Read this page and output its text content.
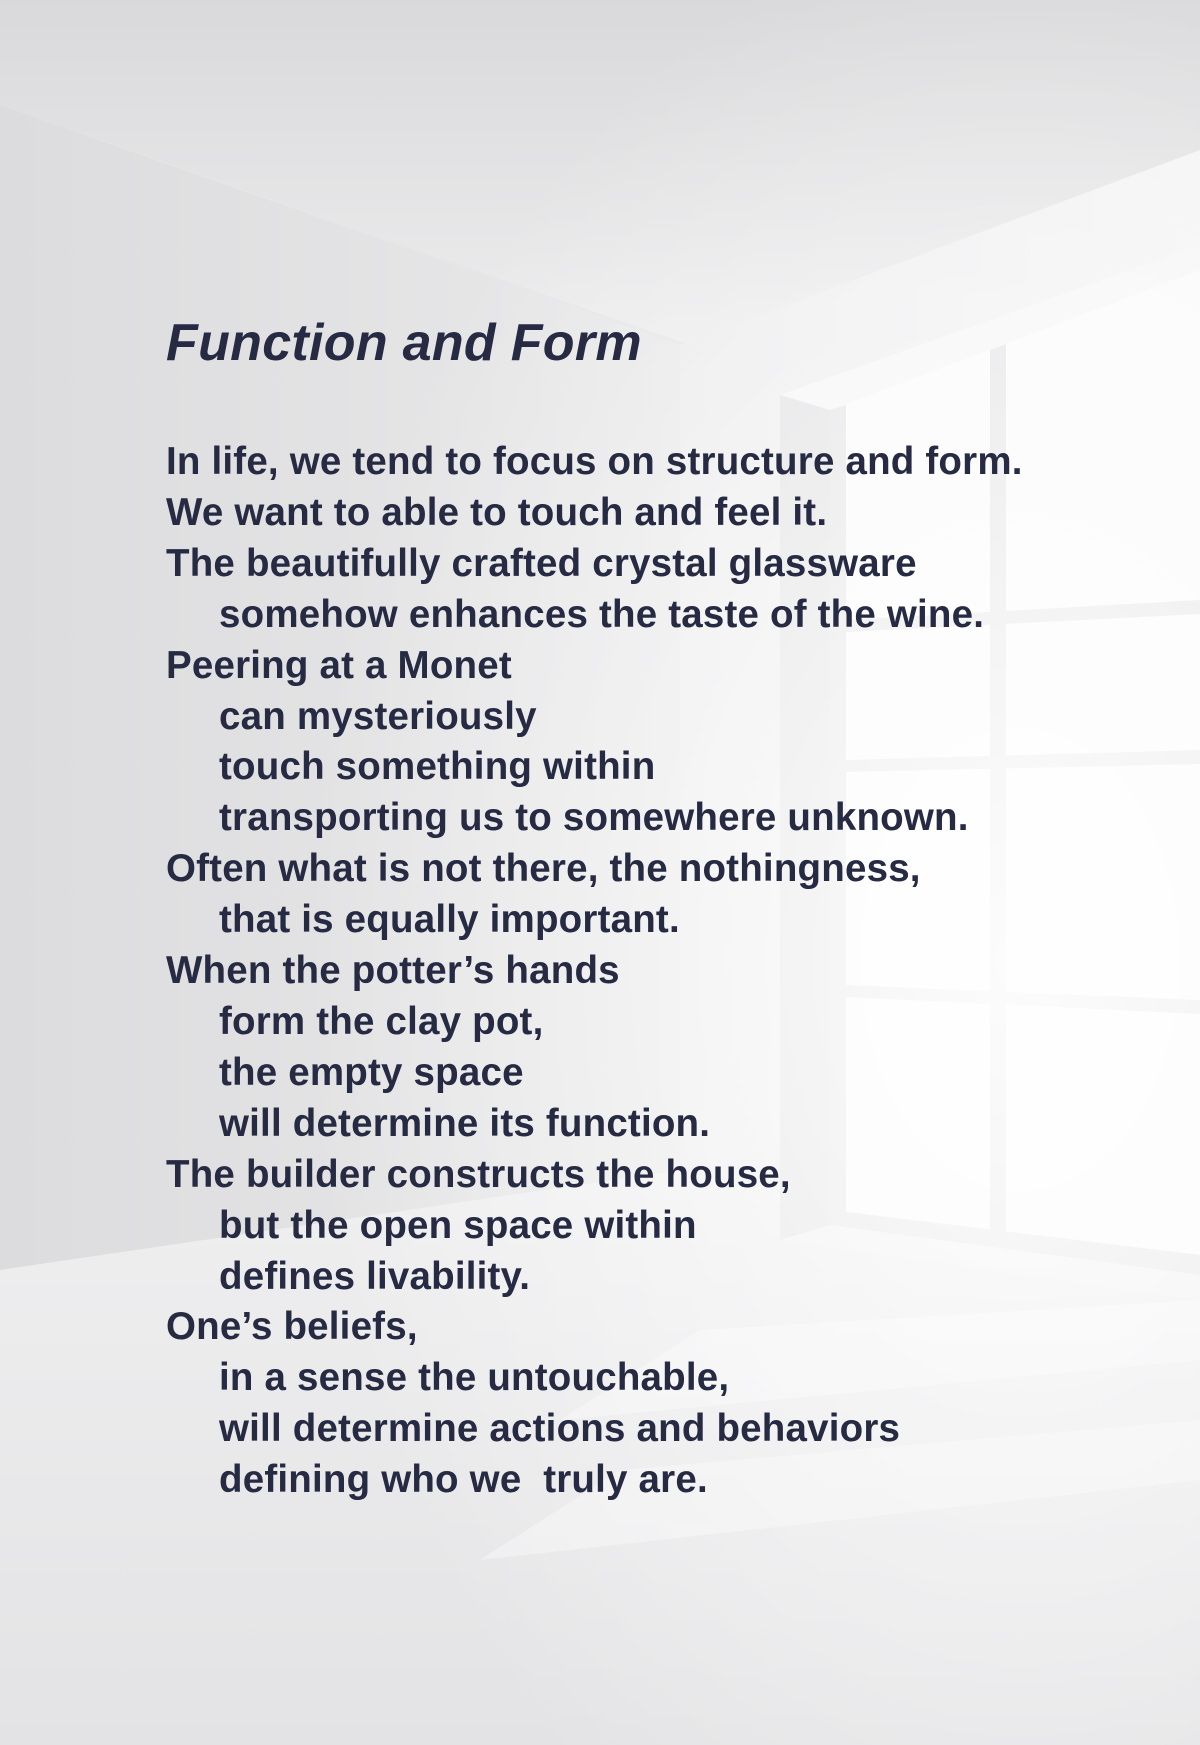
Function and Form
In life, we tend to focus on structure and form.
We want to able to touch and feel it.
The beautifully crafted crystal glassware
somehow enhances the taste of the wine.
Peering at a Monet
can mysteriously
touch something within
transporting us to somewhere unknown.
Often what is not there, the nothingness,
that is equally important.
When the potter’s hands
form the clay pot,
the empty space
will determine its function.
The builder constructs the house,
but the open space within
defines livability.
One’s beliefs,
in a sense the untouchable,
will determine actions and behaviors
defining who we  truly are.
